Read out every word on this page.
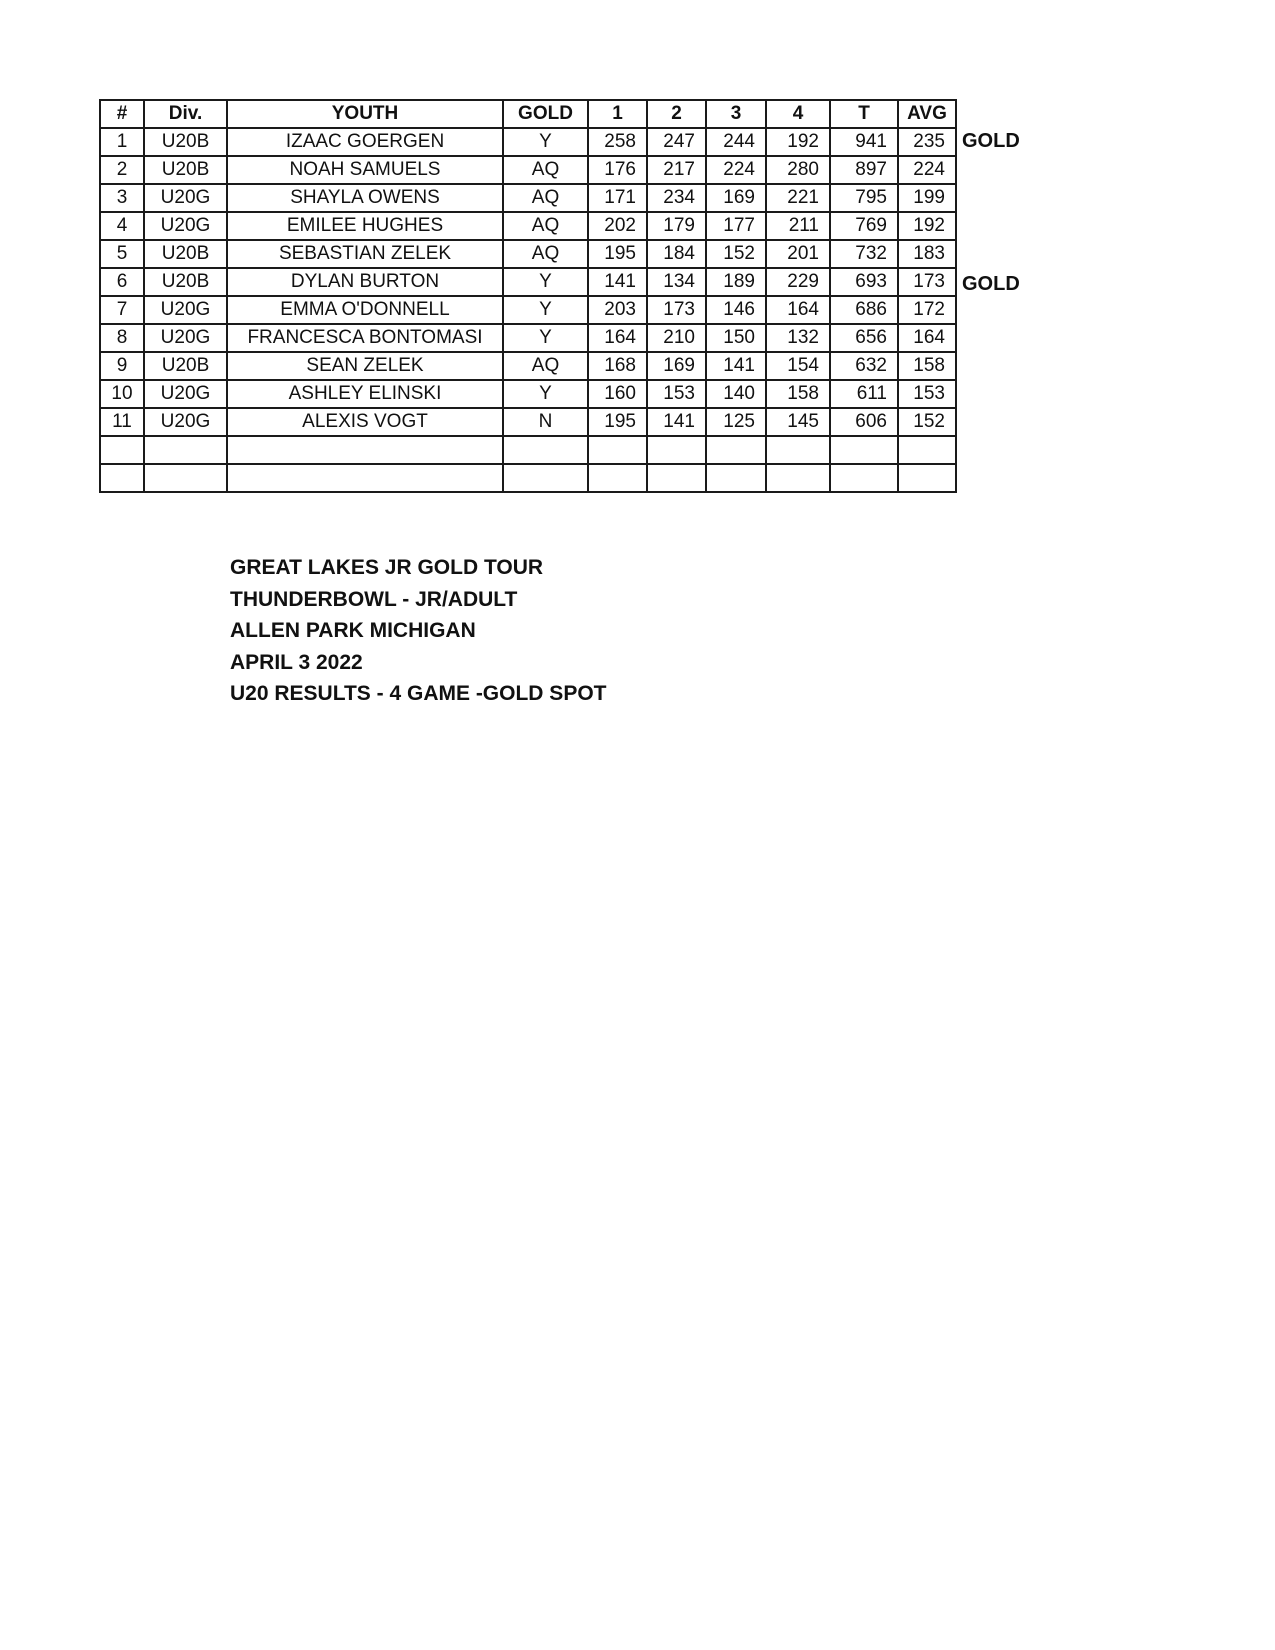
#	Div.	YOUTH	GOLD	1	2	3	4	T	AVG
1	U20B	IZAAC GOERGEN	Y	258	247	244	192	941	235
2	U20B	NOAH SAMUELS	AQ	176	217	224	280	897	224
3	U20G	SHAYLA OWENS	AQ	171	234	169	221	795	199
4	U20G	EMILEE HUGHES	AQ	202	179	177	211	769	192
5	U20B	SEBASTIAN ZELEK	AQ	195	184	152	201	732	183
6	U20B	DYLAN BURTON	Y	141	134	189	229	693	173
7	U20G	EMMA O'DONNELL	Y	203	173	146	164	686	172
8	U20G	FRANCESCA BONTOMASI	Y	164	210	150	132	656	164
9	U20B	SEAN ZELEK	AQ	168	169	141	154	632	158
10	U20G	ASHLEY ELINSKI	Y	160	153	140	158	611	153
11	U20G	ALEXIS VOGT	N	195	141	125	145	606	152

GOLD
GOLD
GREAT LAKES JR GOLD TOUR
THUNDERBOWL - JR/ADULT
ALLEN PARK MICHIGAN
APRIL 3 2022
U20 RESULTS - 4 GAME -GOLD SPOT
